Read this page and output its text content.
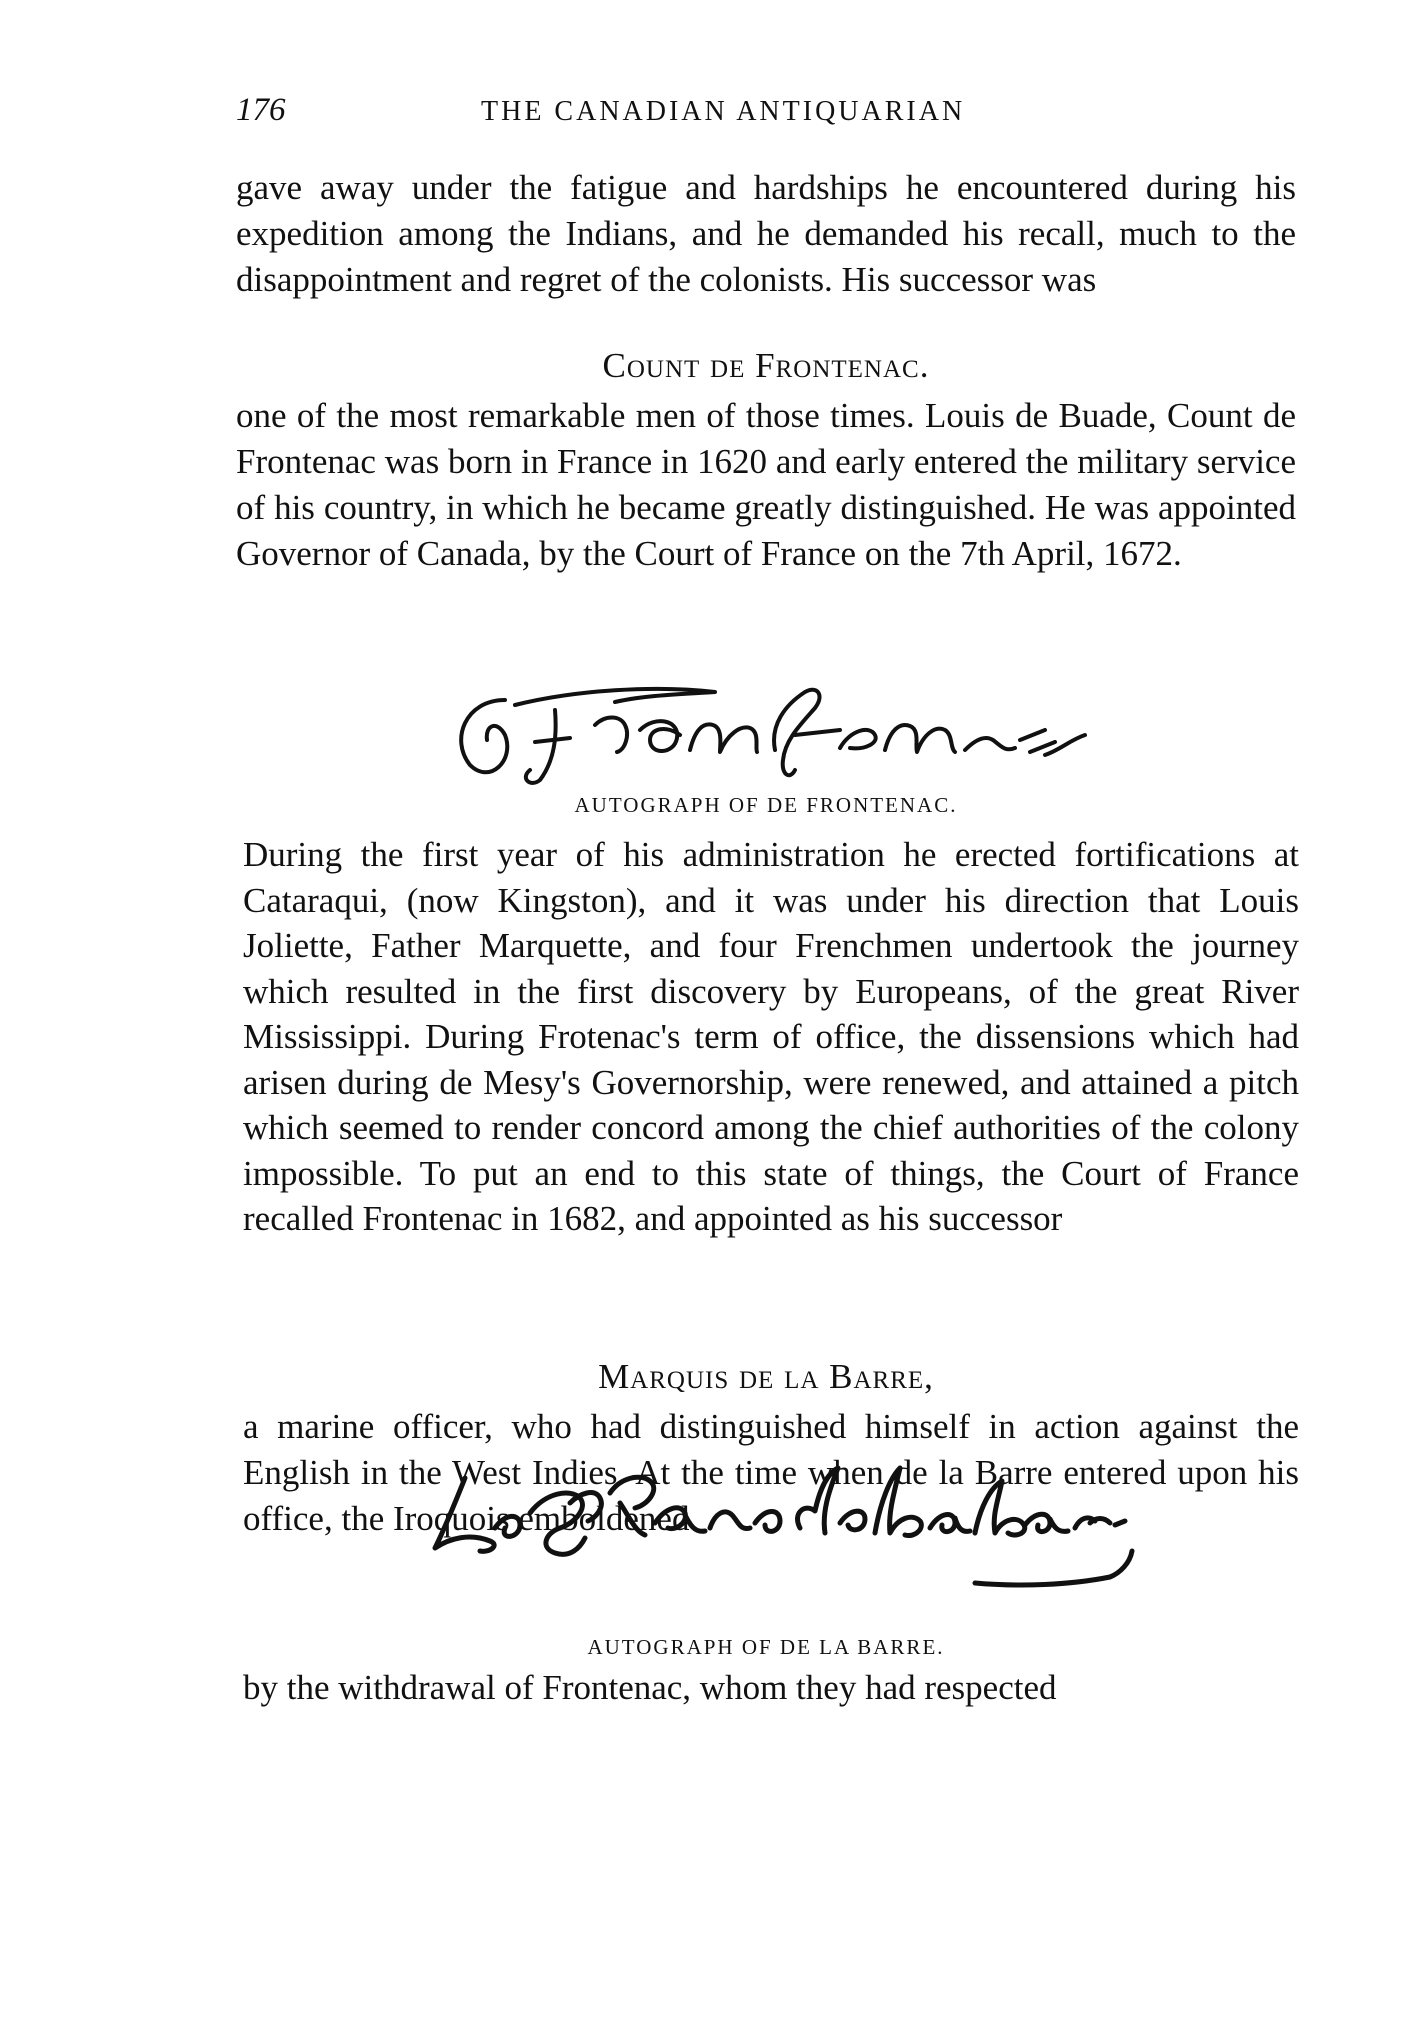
176	THE CANADIAN ANTIQUARIAN

gave away under the fatigue and hardships he encountered during his expedition among the Indians, and he demanded his recall, much to the disappointment and regret of the colonists. His successor was

Count de Frontenac.

one of the most remarkable men of those times. Louis de Buade, Count de Frontenac was born in France in 1620 and early entered the military service of his country, in which he became greatly distinguished. He was appointed Governor of Canada, by the Court of France on the 7th April, 1672.

AUTOGRAPH OF DE FRONTENAC.

During the first year of his administration he erected fortifications at Cataraqui, (now Kingston), and it was under his direction that Louis Joliette, Father Marquette, and four Frenchmen undertook the journey which resulted in the first discovery by Europeans, of the great River Mississippi. During Frotenac's term of office, the dissensions which had arisen during de Mesy's Governorship, were renewed, and attained a pitch which seemed to render concord among the chief authorities of the colony impossible. To put an end to this state of things, the Court of France recalled Frontenac in 1682, and appointed as his successor

Marquis de la Barre,

a marine officer, who had distinguished himself in action against the English in the West Indies. At the time when de la Barre entered upon his office, the Iroquois emboldened

AUTOGRAPH OF DE LA BARRE.
by the withdrawal of Frontenac, whom they had respected
